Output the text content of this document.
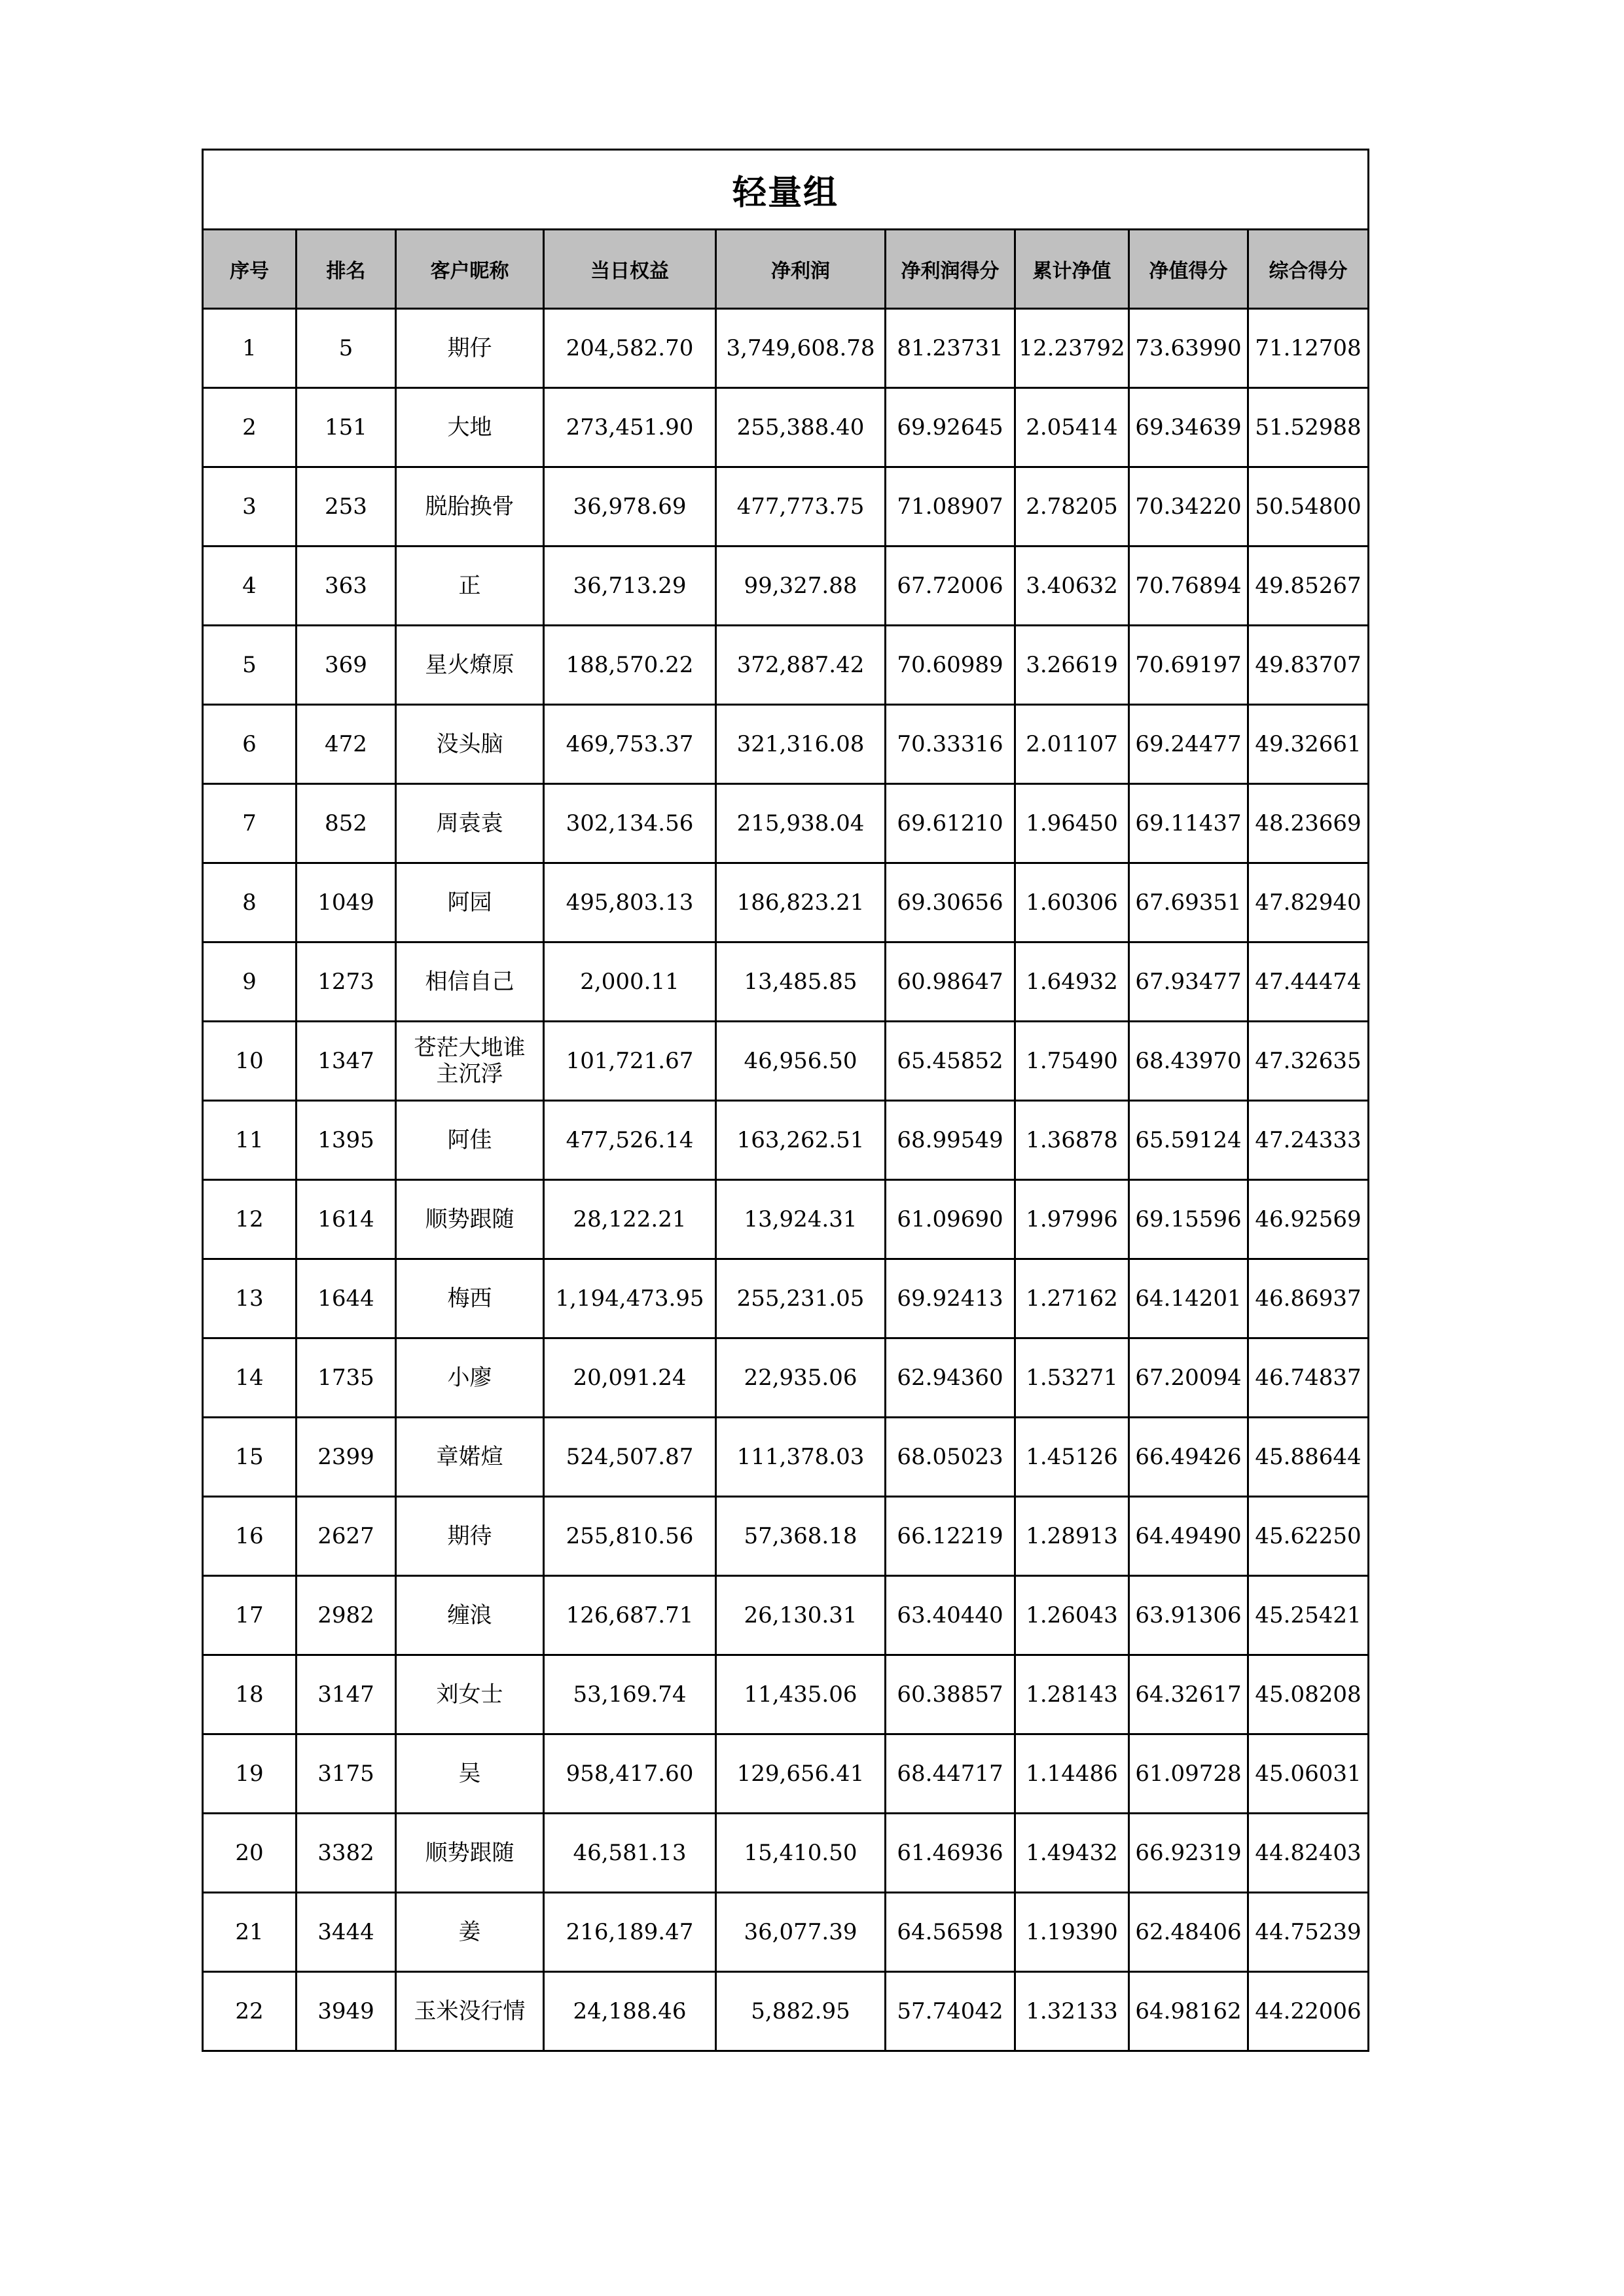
轻量组								
序号	排名	客户昵称	当日权益	净利润	净利润得分	累计净值	净值得分	综合得分
1	5	期仔	204,582.70	3,749,608.78	81.23731	12.23792	73.63990	71.12708
2	151	大地	273,451.90	255,388.40	69.92645	2.05414	69.34639	51.52988
3	253	脱胎换骨	36,978.69	477,773.75	71.08907	2.78205	70.34220	50.54800
4	363	正	36,713.29	99,327.88	67.72006	3.40632	70.76894	49.85267
5	369	星火燎原	188,570.22	372,887.42	70.60989	3.26619	70.69197	49.83707
6	472	没头脑	469,753.37	321,316.08	70.33316	2.01107	69.24477	49.32661
7	852	周袁袁	302,134.56	215,938.04	69.61210	1.96450	69.11437	48.23669
8	1049	阿园	495,803.13	186,823.21	69.30656	1.60306	67.69351	47.82940
9	1273	相信自己	2,000.11	13,485.85	60.98647	1.64932	67.93477	47.44474
10	1347	苍茫大地谁主沉浮	101,721.67	46,956.50	65.45852	1.75490	68.43970	47.32635
11	1395	阿佳	477,526.14	163,262.51	68.99549	1.36878	65.59124	47.24333
12	1614	顺势跟随	28,122.21	13,924.31	61.09690	1.97996	69.15596	46.92569
13	1644	梅西	1,194,473.95	255,231.05	69.92413	1.27162	64.14201	46.86937
14	1735	小廖	20,091.24	22,935.06	62.94360	1.53271	67.20094	46.74837
15	2399	章婼煊	524,507.87	111,378.03	68.05023	1.45126	66.49426	45.88644
16	2627	期待	255,810.56	57,368.18	66.12219	1.28913	64.49490	45.62250
17	2982	缠浪	126,687.71	26,130.31	63.40440	1.26043	63.91306	45.25421
18	3147	刘女士	53,169.74	11,435.06	60.38857	1.28143	64.32617	45.08208
19	3175	吴	958,417.60	129,656.41	68.44717	1.14486	61.09728	45.06031
20	3382	顺势跟随	46,581.13	15,410.50	61.46936	1.49432	66.92319	44.82403
21	3444	姜	216,189.47	36,077.39	64.56598	1.19390	62.48406	44.75239
22	3949	玉米没行情	24,188.46	5,882.95	57.74042	1.32133	64.98162	44.22006
